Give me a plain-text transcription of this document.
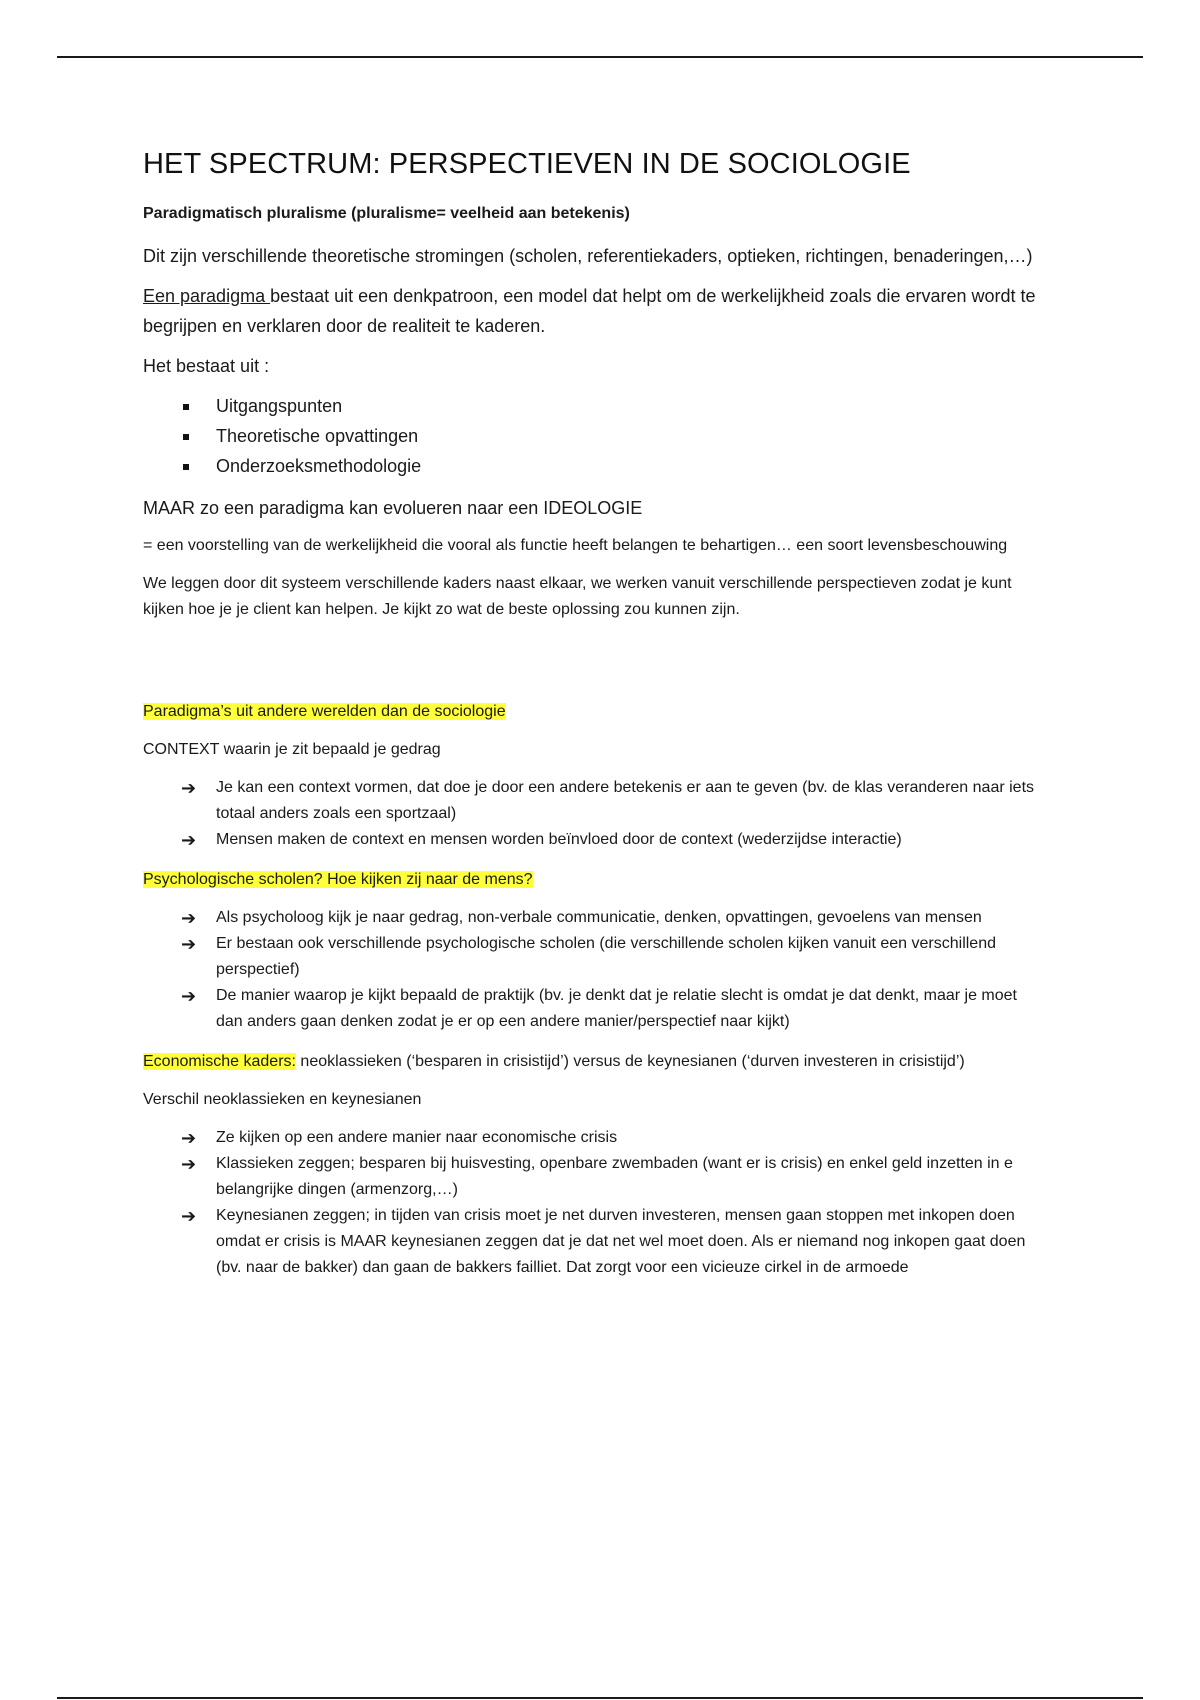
HET SPECTRUM: PERSPECTIEVEN IN DE SOCIOLOGIE

Paradigmatisch pluralisme (pluralisme= veelheid aan betekenis)

Dit zijn verschillende theoretische stromingen (scholen, referentiekaders, optieken, richtingen, benaderingen,…)

Een paradigma bestaat uit een denkpatroon, een model dat helpt om de werkelijkheid zoals die ervaren wordt te begrijpen en verklaren door de realiteit te kaderen.

Het bestaat uit :

Uitgangspunten
Theoretische opvattingen
Onderzoeksmethodologie

MAAR zo een paradigma kan evolueren naar een IDEOLOGIE

= een voorstelling van de werkelijkheid die vooral als functie heeft belangen te behartigen… een soort levensbeschouwing

We leggen door dit systeem verschillende kaders naast elkaar, we werken vanuit verschillende perspectieven zodat je kunt kijken hoe je je client kan helpen. Je kijkt zo wat de beste oplossing zou kunnen zijn.

Paradigma’s uit andere werelden dan de sociologie

CONTEXT waarin je zit bepaald je gedrag

➔ Je kan een context vormen, dat doe je door een andere betekenis er aan te geven (bv. de klas veranderen naar iets totaal anders zoals een sportzaal)
➔ Mensen maken de context en mensen worden beïnvloed door de context (wederzijdse interactie)

Psychologische scholen? Hoe kijken zij naar de mens?

➔ Als psycholoog kijk je naar gedrag, non-verbale communicatie, denken, opvattingen, gevoelens van mensen
➔ Er bestaan ook verschillende psychologische scholen (die verschillende scholen kijken vanuit een verschillend perspectief)
➔ De manier waarop je kijkt bepaald de praktijk (bv. je denkt dat je relatie slecht is omdat je dat denkt, maar je moet dan anders gaan denken zodat je er op een andere manier/perspectief naar kijkt)

Economische kaders: neoklassieken (‘besparen in crisistijd’) versus de keynesianen (‘durven investeren in crisistijd’)

Verschil neoklassieken en keynesianen

➔ Ze kijken op een andere manier naar economische crisis
➔ Klassieken zeggen; besparen bij huisvesting, openbare zwembaden (want er is crisis) en enkel geld inzetten in e belangrijke dingen (armenzorg,…)
➔ Keynesianen zeggen; in tijden van crisis moet je net durven investeren, mensen gaan stoppen met inkopen doen omdat er crisis is MAAR keynesianen zeggen dat je dat net wel moet doen. Als er niemand nog inkopen gaat doen (bv. naar de bakker) dan gaan de bakkers failliet. Dat zorgt voor een vicieuze cirkel in de armoede
